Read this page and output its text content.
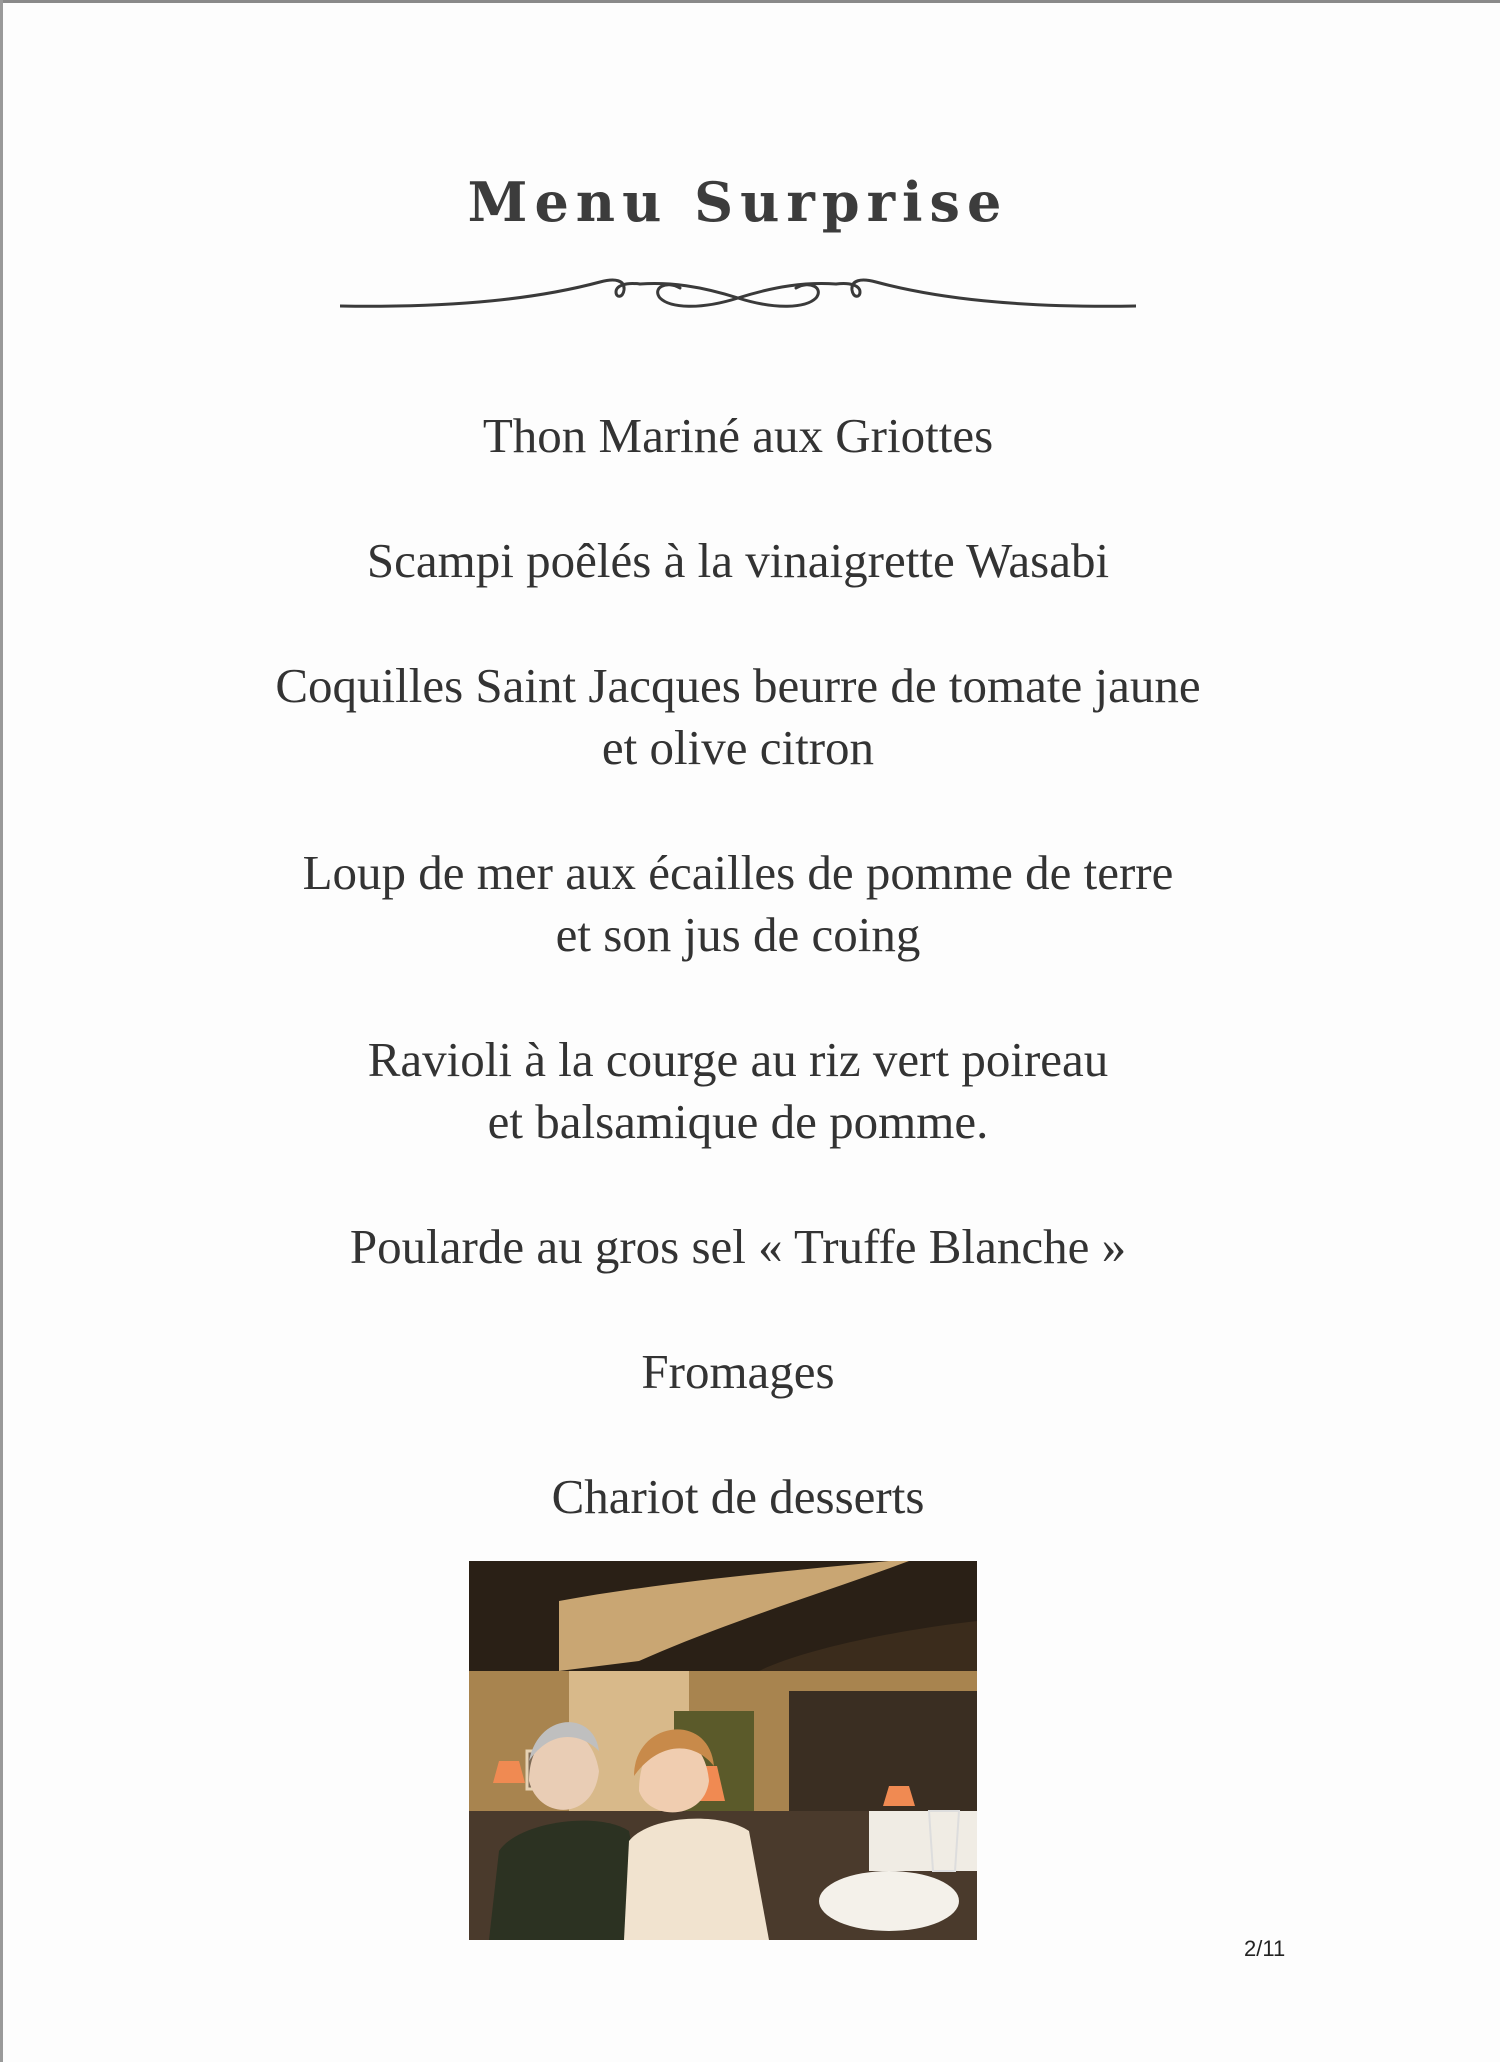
Menu Surprise
Thon Mariné aux Griottes
Scampi poêlés à la vinaigrette Wasabi
Coquilles Saint Jacques beurre de tomate jaune
et olive citron
Loup de mer aux écailles de pomme de terre
et son jus de coing
Ravioli à la courge au riz vert poireau
et balsamique de pomme.
Poularde au gros sel « Truffe Blanche »
Fromages
Chariot de desserts
2/11
